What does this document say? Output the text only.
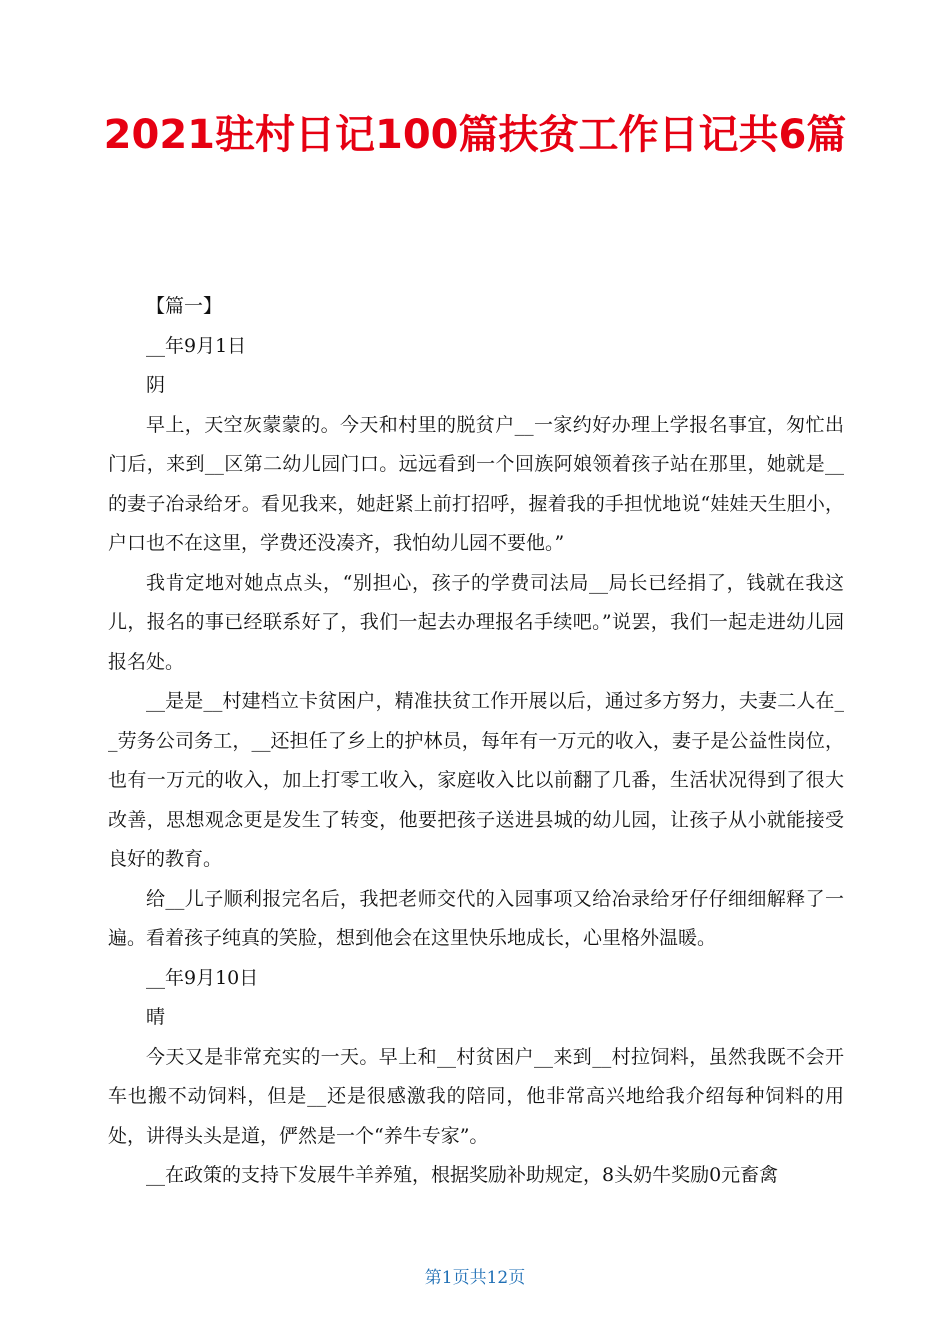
2021驻村日记100篇扶贫工作日记共6篇

【篇一】

__年9月1日

阴

早上，天空灰蒙蒙的。今天和村里的脱贫户__一家约好办理上学报名事宜，匆忙出门后，来到__区第二幼儿园门口。远远看到一个回族阿娘领着孩子站在那里，她就是__的妻子冶录给牙。看见我来，她赶紧上前打招呼，握着我的手担忧地说“娃娃天生胆小，户口也不在这里，学费还没凑齐，我怕幼儿园不要他。”

我肯定地对她点点头，“别担心，孩子的学费司法局__局长已经捐了，钱就在我这儿，报名的事已经联系好了，我们一起去办理报名手续吧。”说罢，我们一起走进幼儿园报名处。

__是是__村建档立卡贫困户，精准扶贫工作开展以后，通过多方努力，夫妻二人在__劳务公司务工，__还担任了乡上的护林员，每年有一万元的收入，妻子是公益性岗位，也有一万元的收入，加上打零工收入，家庭收入比以前翻了几番，生活状况得到了很大改善，思想观念更是发生了转变，他要把孩子送进县城的幼儿园，让孩子从小就能接受良好的教育。

给__儿子顺利报完名后，我把老师交代的入园事项又给冶录给牙仔仔细细解释了一遍。看着孩子纯真的笑脸，想到他会在这里快乐地成长，心里格外温暖。

__年9月10日

晴

今天又是非常充实的一天。早上和__村贫困户__来到__村拉饲料，虽然我既不会开车也搬不动饲料，但是__还是很感激我的陪同，他非常高兴地给我介绍每种饲料的用处，讲得头头是道，俨然是一个“养牛专家”。

__在政策的支持下发展牛羊养殖，根据奖励补助规定，8头奶牛奖励0元畜禽

第1页共12页
